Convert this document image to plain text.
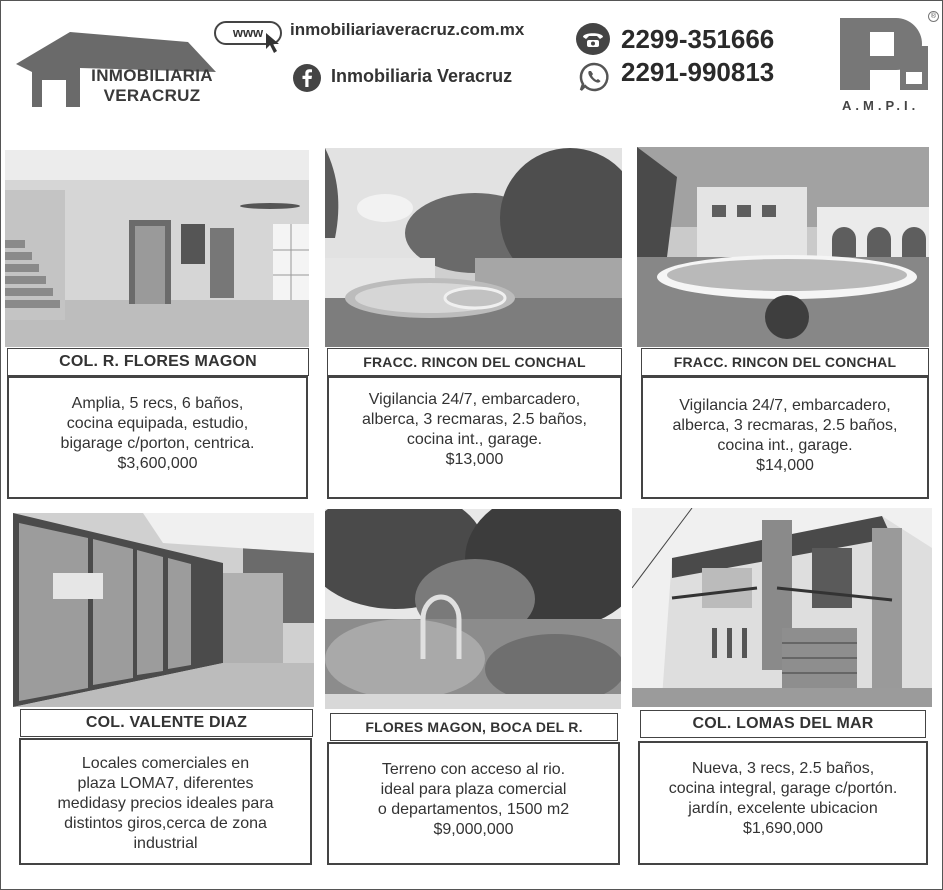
INMOBILIARIA
VERACRUZ
www	inmobiliariaveracruz.com.mx
Inmobiliaria Veracruz
2299-351666
2291-990813
®
A.M.P.I.
COL. R. FLORES MAGON

Amplia, 5 recs, 6 baños,

cocina equipada, estudio,

bigarage c/porton, centrica.

$3,600,000

FRACC. RINCON DEL CONCHAL

Vigilancia 24/7, embarcadero,

alberca, 3 recmaras, 2.5 baños,

cocina int., garage.

$13,000

FRACC. RINCON DEL CONCHAL

Vigilancia 24/7, embarcadero,

alberca, 3 recmaras, 2.5 baños,

cocina int., garage.

$14,000

COL. VALENTE DIAZ

Locales comerciales en

plaza LOMA7, diferentes

medidasy precios ideales para

distintos giros,cerca de zona

industrial

FLORES MAGON, BOCA DEL R.

Terreno con acceso al rio.

ideal para plaza comercial

o departamentos, 1500 m2

$9,000,000

COL. LOMAS DEL MAR

Nueva, 3 recs, 2.5 baños,

cocina integral, garage c/portón.

jardín, excelente ubicacion

$1,690,000
